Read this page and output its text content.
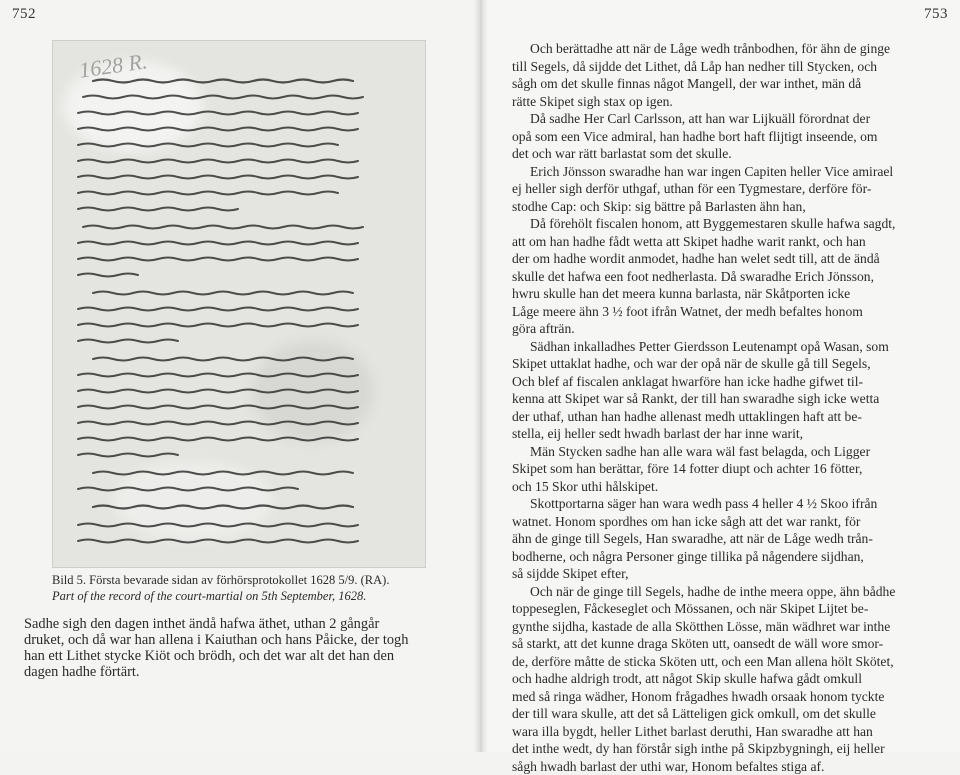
752
1628 R.
Bild 5. Första bevarade sidan av förhörsprotokollet 1628 5/9. (RA).
Part of the record of the court-martial on 5th September, 1628.
Sadhe sigh den dagen inthet ändå hafwa äthet, uthan 2 gångår
druket, och då war han allena i Kaiuthan och hans Påicke, der togh
han ett Lithet stycke Kiöt och brödh, och det war alt det han den
dagen hadhe förtärt.
753
Och berättadhe att när de Låge wedh trånbodhen, för ähn de ginge
till Segels, då sijdde det Lithet, då Låp han nedher till Stycken, och
sågh om det skulle finnas något Mangell, der war inthet, män då
rätte Skipet sigh stax op igen.
Då sadhe Her Carl Carlsson, att han war Lijkuäll förordnat der
opå som een Vice admiral, han hadhe bort haft flijtigt inseende, om
det och war rätt barlastat som det skulle.
Erich Jönsson swaradhe han war ingen Capiten heller Vice amirael
ej heller sigh derför uthgaf, uthan för een Tygmestare, derföre för-
stodhe Cap: och Skip: sig bättre på Barlasten ähn han,
Då förehölt fiscalen honom, att Byggemestaren skulle hafwa sagdt,
att om han hadhe fådt wetta att Skipet hadhe warit rankt, och han
der om hadhe wordit anmodet, hadhe han welet sedt till, att de ändå
skulle det hafwa een foot nedherlasta. Då swaradhe Erich Jönsson,
hwru skulle han det meera kunna barlasta, när Skåtporten icke
Låge meere ähn 3 ½ foot ifrån Watnet, der medh befaltes honom
göra afträn.
Sädhan inkalladhes Petter Gierdsson Leutenampt opå Wasan, som
Skipet uttaklat hadhe, och war der opå när de skulle gå till Segels,
Och blef af fiscalen anklagat hwarföre han icke hadhe gifwet til-
kenna att Skipet war så Rankt, der till han swaradhe sigh icke wetta
der uthaf, uthan han hadhe allenast medh uttaklingen haft att be-
stella, eij heller sedt hwadh barlast der har inne warit,
Män Stycken sadhe han alle wara wäl fast belagda, och Ligger
Skipet som han berättar, före 14 fotter diupt och achter 16 fötter,
och 15 Skor uthi hålskipet.
Skottportarna säger han wara wedh pass 4 heller 4 ½ Skoo ifrån
watnet. Honom spordhes om han icke sågh att det war rankt, för
ähn de ginge till Segels, Han swaradhe, att när de Låge wedh trån-
bodherne, och några Personer ginge tillika på någendere sijdhan,
så sijdde Skipet efter,
Och när de ginge till Segels, hadhe de inthe meera oppe, ähn bådhe
toppeseglen, Fåckeseglet och Mössanen, och när Skipet Lijtet be-
gynthe sijdha, kastade de alla Skötthen Lösse, män wädhret war inthe
så starkt, att det kunne draga Sköten utt, oansedt de wäll wore smor-
de, derföre måtte de sticka Sköten utt, och een Man allena hölt Skötet,
och hadhe aldrigh trodt, att något Skip skulle hafwa gådt omkull
med så ringa wädher, Honom frågadhes hwadh orsaak honom tyckte
der till wara skulle, att det så Lätteligen gick omkull, om det skulle
wara illa bygdt, heller Lithet barlast deruthi, Han swaradhe att han
det inthe wedt, dy han förstår sigh inthe på Skipzbygningh, eij heller
sågh hwadh barlast der uthi war, Honom befaltes stiga af.
